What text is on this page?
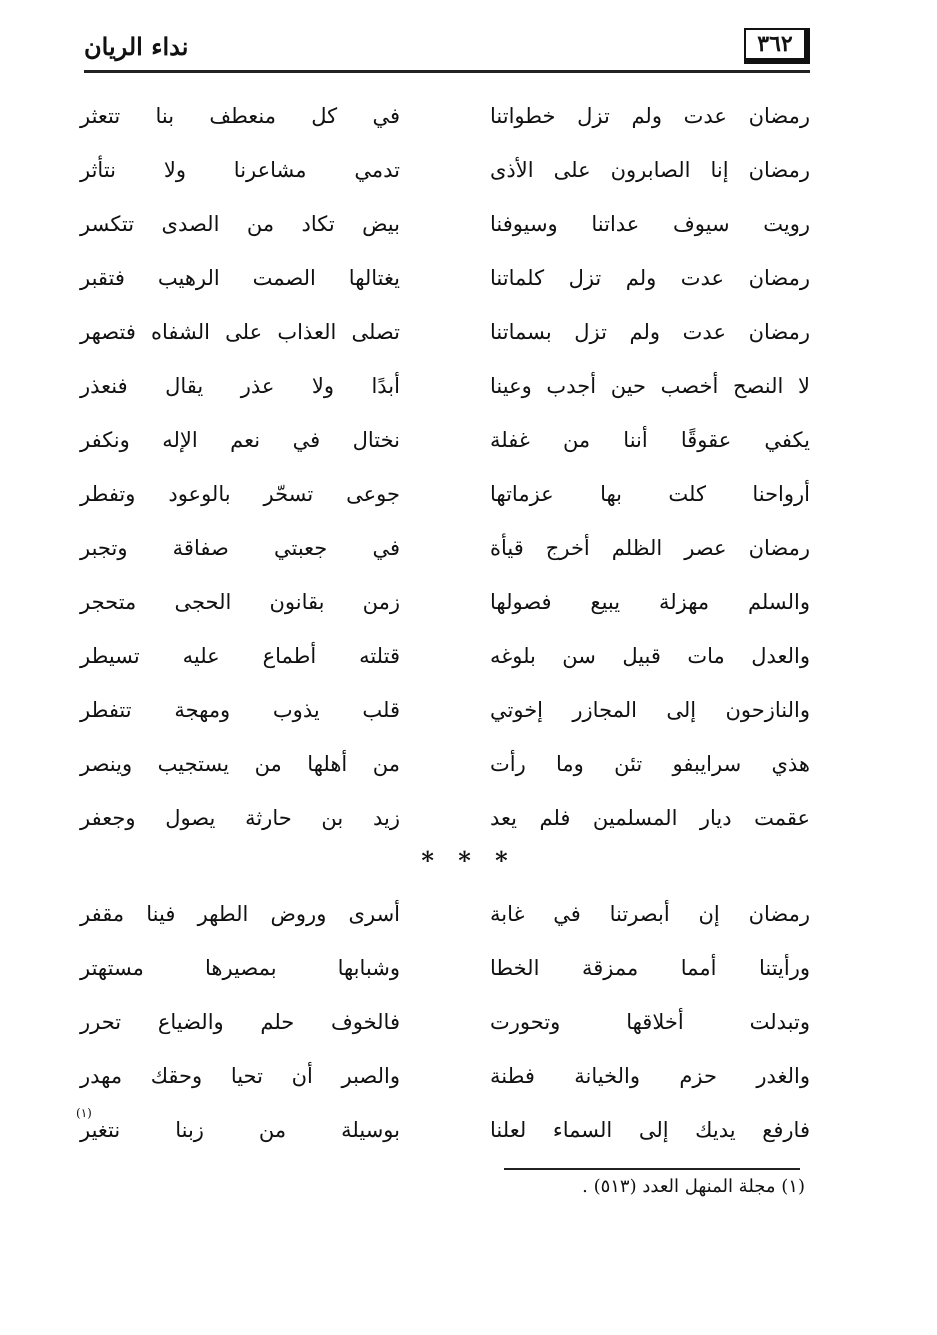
نداء الريان	٣٦٢
رمضان عدت ولم تزل خطواتنا
في كل منعطف بنا تتعثر
رمضان إنا الصابرون على الأذى
تدمي مشاعرنا ولا نتأثر
رويت سيوف عداتنا وسيوفنا
بيض تكاد من الصدى تتكسر
رمضان عدت ولم تزل كلماتنا
يغتالها الصمت الرهيب فتقبر
رمضان عدت ولم تزل بسماتنا
تصلى العذاب على الشفاه فتصهر
لا النصح أخصب حين أجدب وعينا
أبدًا ولا عذر يقال فنعذر
يكفي عقوقًا أننا من غفلة
نختال في نعم الإله ونكفر
أرواحنا كلت بها عزماتها
جوعى تسحّر بالوعود وتفطر
رمضان عصر الظلم أخرج قيأة
في جعبتي صفاقة وتجبر
والسلم مهزلة يبيع فصولها
زمن بقانون الحجى متحجر
والعدل مات قبيل سن بلوغه
قتلته أطماع عليه تسيطر
والنازحون إلى المجازر إخوتي
قلب يذوب ومهجة تتفطر
هذي سرايبفو تئن وما رأت
من أهلها من يستجيب وينصر
عقمت ديار المسلمين فلم يعد
زيد بن حارثة يصول وجعفر
* * *
رمضان إن أبصرتنا في غابة
أسرى وروض الطهر فينا مقفر
ورأيتنا أمما ممزقة الخطا
وشبابها بمصيرها مستهتر
وتبدلت أخلاقها وتحورت
فالخوف حلم والضياع تحرر
والغدر حزم والخيانة فطنة
والصبر أن تحيا وحقك مهدر
فارفع يديك إلى السماء لعلنا
بوسيلة من زبنا نتغير
(١)
(١) مجلة المنهل العدد (٥١٣) .
